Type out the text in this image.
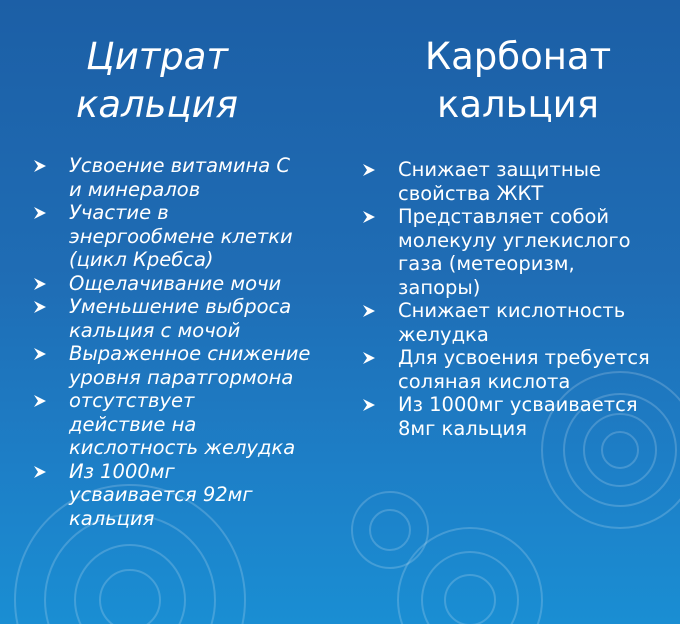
Цитрат
кальция
Карбонат
кальция
Усвоение витамина С
и минералов
Участие в
энергообмене клетки
(цикл Кребса)
Ощелачивание мочи
Уменьшение выброса
кальция с мочой
Выраженное снижение
уровня паратгормона
отсутствует
действие на
кислотность желудка
Из 1000мг
усваивается 92мг
кальция
Снижает защитные
свойства ЖКТ
Представляет собой
молекулу углекислого
газа (метеоризм,
запоры)
Снижает кислотность
желудка
Для усвоения требуется
соляная кислота
Из 1000мг усваивается
8мг кальция
